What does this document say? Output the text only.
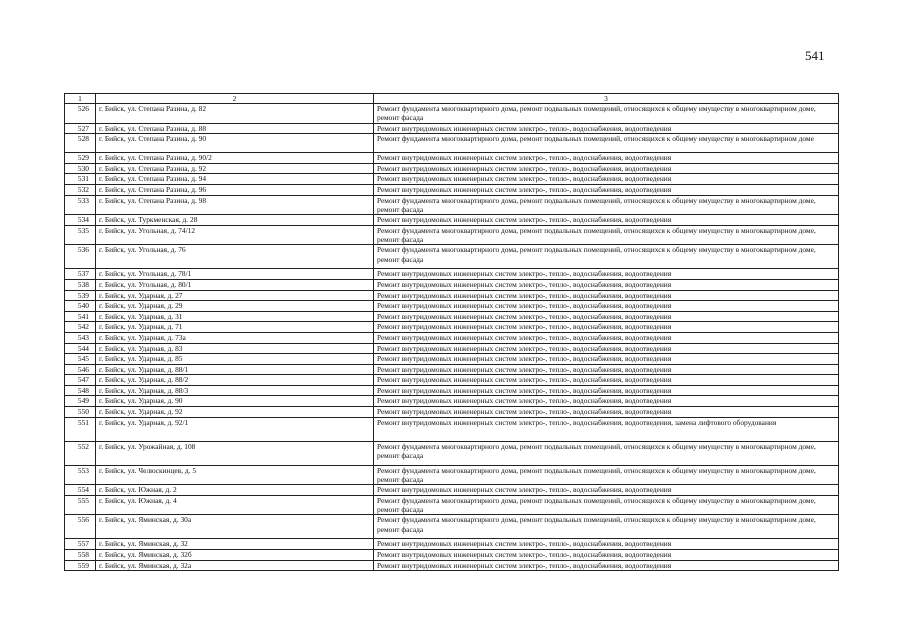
541
1	2	3
526	г. Бийск, ул. Степана Разина, д. 82	Ремонт фундамента многоквартирного дома, ремонт подвальных помещений, относящихся к общему имуществу в многоквартирном доме, ремонт фасада
527	г. Бийск, ул. Степана Разина, д. 88	Ремонт внутридомовых инженерных систем электро-, тепло-, водоснабжения, водоотведения
528	г. Бийск, ул. Степана Разина, д. 90	Ремонт фундамента многоквартирного дома, ремонт подвальных помещений, относящихся к общему имуществу в многоквартирном доме
529	г. Бийск, ул. Степана Разина, д. 90/2	Ремонт внутридомовых инженерных систем электро-, тепло-, водоснабжения, водоотведения
530	г. Бийск, ул. Степана Разина, д. 92	Ремонт внутридомовых инженерных систем электро-, тепло-, водоснабжения, водоотведения
531	г. Бийск, ул. Степана Разина, д. 94	Ремонт внутридомовых инженерных систем электро-, тепло-, водоснабжения, водоотведения
532	г. Бийск, ул. Степана Разина, д. 96	Ремонт внутридомовых инженерных систем электро-, тепло-, водоснабжения, водоотведения
533	г. Бийск, ул. Степана Разина, д. 98	Ремонт фундамента многоквартирного дома, ремонт подвальных помещений, относящихся к общему имуществу в многоквартирном доме, ремонт фасада
534	г. Бийск, ул. Туркменская, д. 28	Ремонт внутридомовых инженерных систем электро-, тепло-, водоснабжения, водоотведения
535	г. Бийск, ул. Угольная, д. 74/12	Ремонт фундамента многоквартирного дома, ремонт подвальных помещений, относящихся к общему имуществу в многоквартирном доме, ремонт фасада
536	г. Бийск, ул. Угольная, д. 76	Ремонт фундамента многоквартирного дома, ремонт подвальных помещений, относящихся к общему имуществу в многоквартирном доме, ремонт фасада
537	г. Бийск, ул. Угольная, д. 78/1	Ремонт внутридомовых инженерных систем электро-, тепло-, водоснабжения, водоотведения
538	г. Бийск, ул. Угольная, д. 80/1	Ремонт внутридомовых инженерных систем электро-, тепло-, водоснабжения, водоотведения
539	г. Бийск, ул. Ударная, д. 27	Ремонт внутридомовых инженерных систем электро-, тепло-, водоснабжения, водоотведения
540	г. Бийск, ул. Ударная, д. 29	Ремонт внутридомовых инженерных систем электро-, тепло-, водоснабжения, водоотведения
541	г. Бийск, ул. Ударная, д. 31	Ремонт внутридомовых инженерных систем электро-, тепло-, водоснабжения, водоотведения
542	г. Бийск, ул. Ударная, д. 71	Ремонт внутридомовых инженерных систем электро-, тепло-, водоснабжения, водоотведения
543	г. Бийск, ул. Ударная, д. 73а	Ремонт внутридомовых инженерных систем электро-, тепло-, водоснабжения, водоотведения
544	г. Бийск, ул. Ударная, д. 83	Ремонт внутридомовых инженерных систем электро-, тепло-, водоснабжения, водоотведения
545	г. Бийск, ул. Ударная, д. 85	Ремонт внутридомовых инженерных систем электро-, тепло-, водоснабжения, водоотведения
546	г. Бийск, ул. Ударная, д. 88/1	Ремонт внутридомовых инженерных систем электро-, тепло-, водоснабжения, водоотведения
547	г. Бийск, ул. Ударная, д. 88/2	Ремонт внутридомовых инженерных систем электро-, тепло-, водоснабжения, водоотведения
548	г. Бийск, ул. Ударная, д. 88/3	Ремонт внутридомовых инженерных систем электро-, тепло-, водоснабжения, водоотведения
549	г. Бийск, ул. Ударная, д. 90	Ремонт внутридомовых инженерных систем электро-, тепло-, водоснабжения, водоотведения
550	г. Бийск, ул. Ударная, д. 92	Ремонт внутридомовых инженерных систем электро-, тепло-, водоснабжения, водоотведения
551	г. Бийск, ул. Ударная, д. 92/1	Ремонт внутридомовых инженерных систем электро-, тепло-, водоснабжения, водоотведения, замена лифтового оборудования
552	г. Бийск, ул. Урожайная, д. 108	Ремонт фундамента многоквартирного дома, ремонт подвальных помещений, относящихся к общему имуществу в многоквартирном доме, ремонт фасада
553	г. Бийск, ул. Челюскинцев, д. 5	Ремонт фундамента многоквартирного дома, ремонт подвальных помещений, относящихся к общему имуществу в многоквартирном доме, ремонт фасада
554	г. Бийск, ул. Южная, д. 2	Ремонт внутридомовых инженерных систем электро-, тепло-, водоснабжения, водоотведения
555	г. Бийск, ул. Южная, д. 4	Ремонт фундамента многоквартирного дома, ремонт подвальных помещений, относящихся к общему имуществу в многоквартирном доме, ремонт фасада
556	г. Бийск, ул. Яминская, д. 30а	Ремонт фундамента многоквартирного дома, ремонт подвальных помещений, относящихся к общему имуществу в многоквартирном доме, ремонт фасада
557	г. Бийск, ул. Яминская, д. 32	Ремонт внутридомовых инженерных систем электро-, тепло-, водоснабжения, водоотведения
558	г. Бийск, ул. Яминская, д. 32б	Ремонт внутридомовых инженерных систем электро-, тепло-, водоснабжения, водоотведения
559	г. Бийск, ул. Яминская, д. 32а	Ремонт внутридомовых инженерных систем электро-, тепло-, водоснабжения, водоотведения
